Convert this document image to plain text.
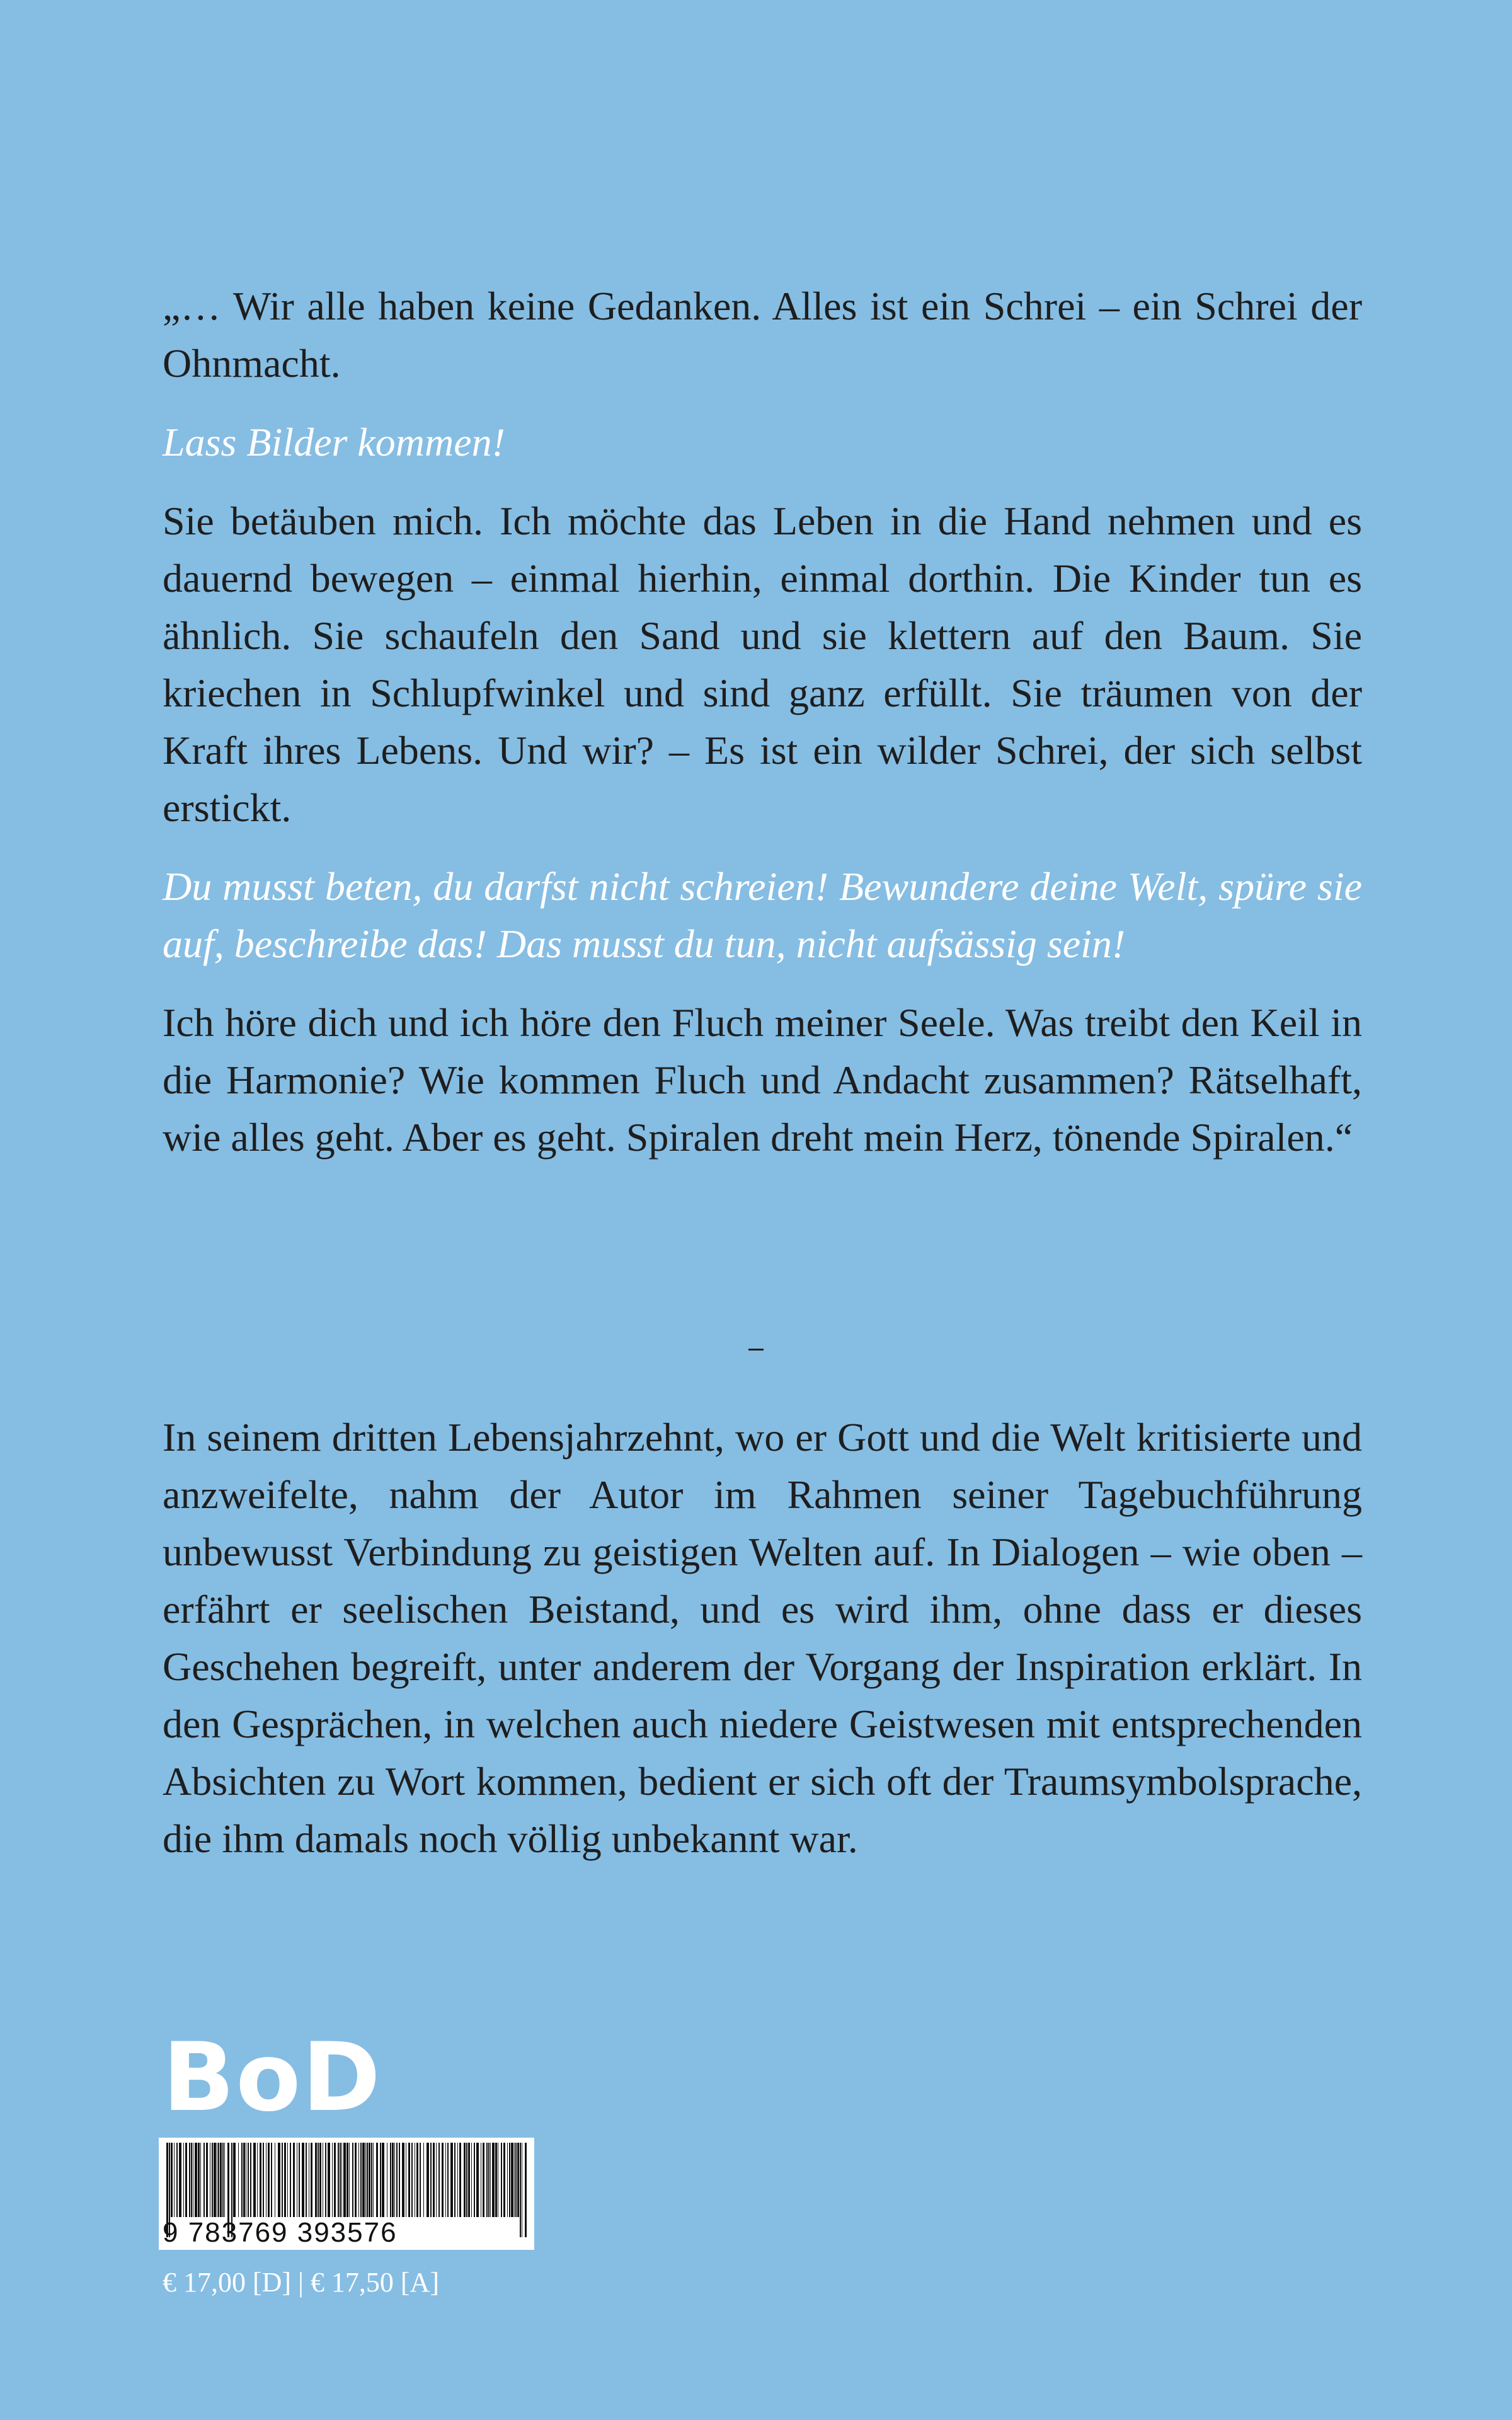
„… Wir alle haben keine Gedanken. Alles ist ein Schrei – ein Schrei der Ohnmacht.

Lass Bilder kommen!

Sie betäuben mich. Ich möchte das Leben in die Hand nehmen und es dauernd bewegen – einmal hierhin, einmal dorthin. Die Kinder tun es ähnlich. Sie schaufeln den Sand und sie klettern auf den Baum. Sie kriechen in Schlupfwinkel und sind ganz erfüllt. Sie träumen von der Kraft ihres Lebens. Und wir? – Es ist ein wilder Schrei, der sich selbst erstickt.

Du musst beten, du darfst nicht schreien! Bewundere deine Welt, spüre sie auf, beschreibe das! Das musst du tun, nicht aufsässig sein!

Ich höre dich und ich höre den Fluch meiner Seele. Was treibt den Keil in die Harmonie? Wie kommen Fluch und Andacht zusammen? Rätselhaft, wie alles geht. Aber es geht. Spiralen dreht mein Herz, tönende Spiralen.“

In seinem dritten Lebensjahrzehnt, wo er Gott und die Welt kritisierte und anzweifelte, nahm der Autor im Rahmen seiner Tagebuchführung unbewusst Verbindung zu geistigen Welten auf. In Dialogen – wie oben – erfährt er seelischen Beistand, und es wird ihm, ohne dass er dieses Geschehen begreift, unter anderem der Vorgang der Inspiration erklärt. In den Gesprächen, in welchen auch niedere Geistwesen mit entsprechenden Absichten zu Wort kommen, bedient er sich oft der Traumsymbolsprache, die ihm damals noch völlig unbekannt war.

BoD
9 783769 393576
€ 17,00 [D] | € 17,50 [A]
